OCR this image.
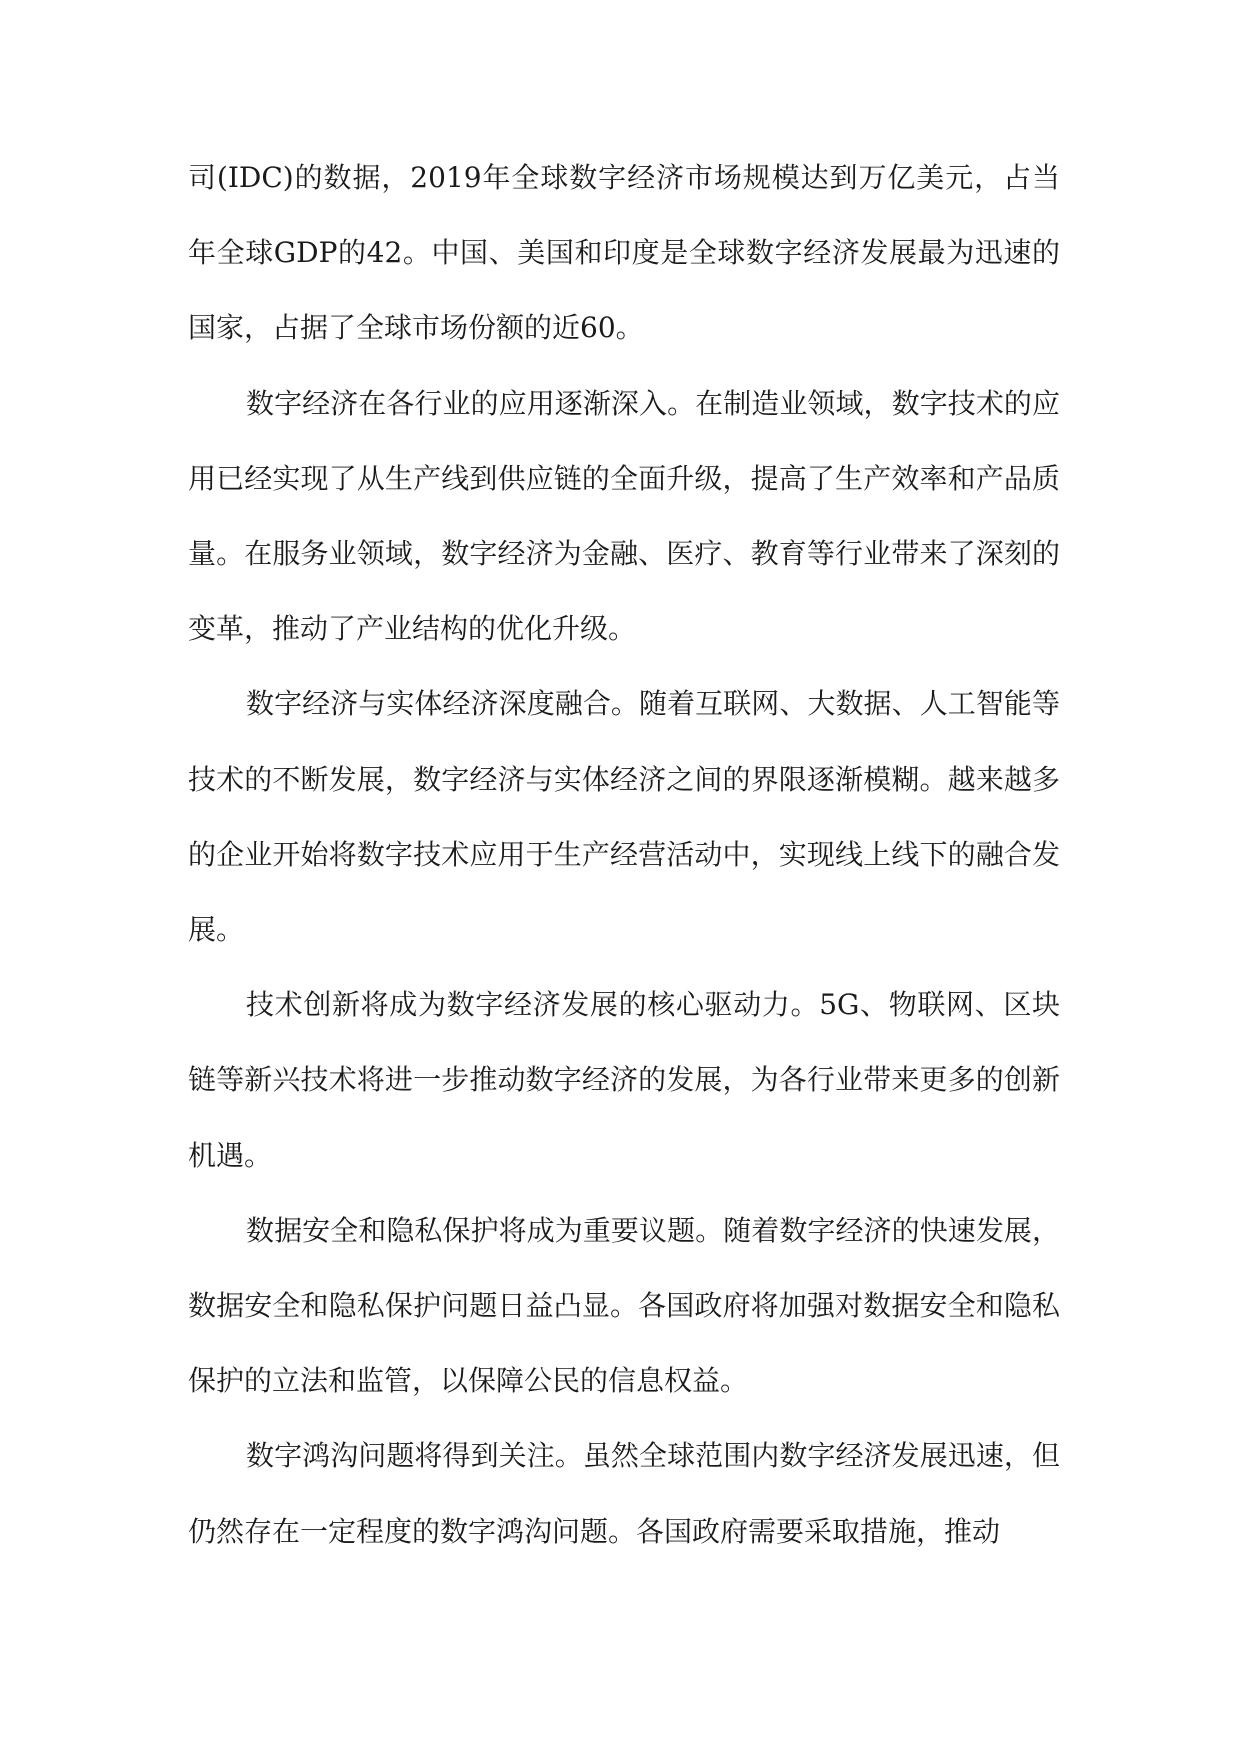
司(IDC)的数据，2019年全球数字经济市场规模达到万亿美元，占当年全球GDP的42。中国、美国和印度是全球数字经济发展最为迅速的国家，占据了全球市场份额的近60。

数字经济在各行业的应用逐渐深入。在制造业领域，数字技术的应用已经实现了从生产线到供应链的全面升级，提高了生产效率和产品质量。在服务业领域，数字经济为金融、医疗、教育等行业带来了深刻的变革，推动了产业结构的优化升级。

数字经济与实体经济深度融合。随着互联网、大数据、人工智能等技术的不断发展，数字经济与实体经济之间的界限逐渐模糊。越来越多的企业开始将数字技术应用于生产经营活动中，实现线上线下的融合发展。

技术创新将成为数字经济发展的核心驱动力。5G、物联网、区块链等新兴技术将进一步推动数字经济的发展，为各行业带来更多的创新机遇。

数据安全和隐私保护将成为重要议题。随着数字经济的快速发展，数据安全和隐私保护问题日益凸显。各国政府将加强对数据安全和隐私保护的立法和监管，以保障公民的信息权益。

数字鸿沟问题将得到关注。虽然全球范围内数字经济发展迅速，但仍然存在一定程度的数字鸿沟问题。各国政府需要采取措施，推动
